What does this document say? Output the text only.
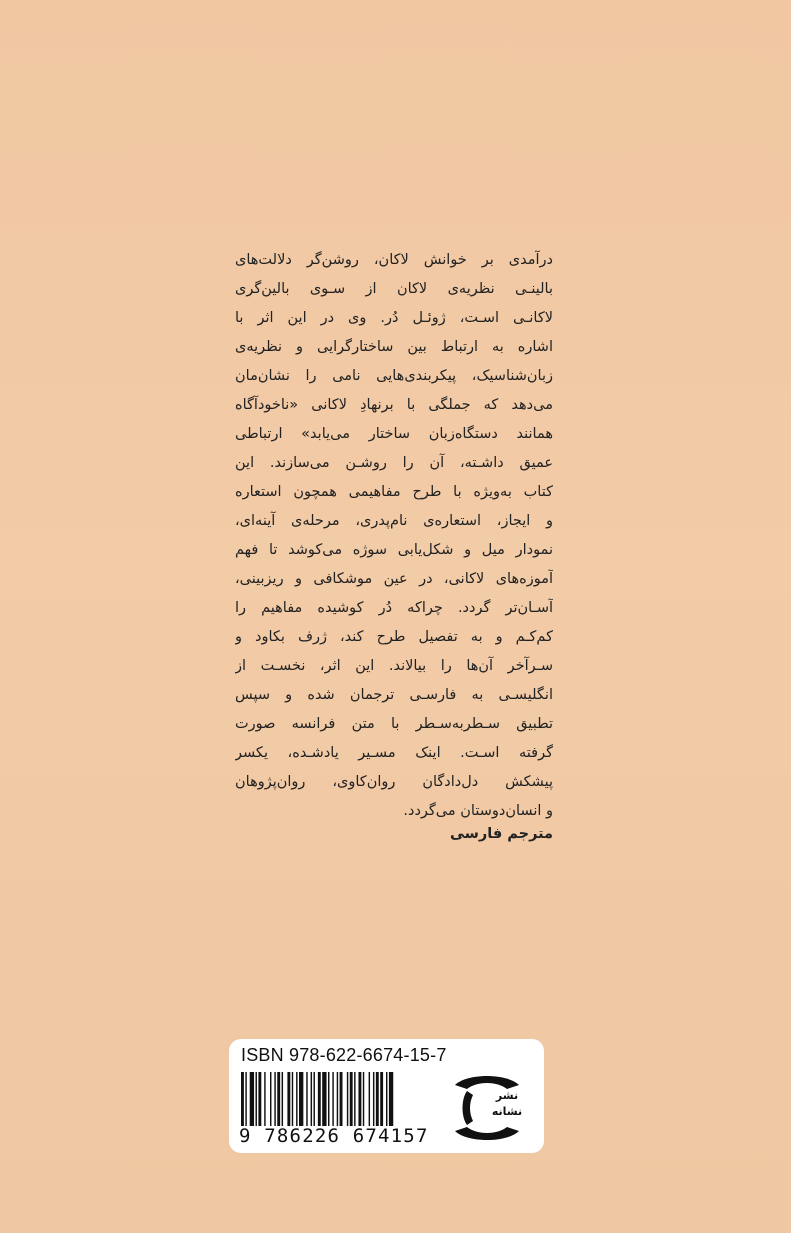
درآمدی بر خوانش لاکان، روشن‌گر دلالت‌های
بالینـی نظریه‌ی لاکان از سـوی بالین‌گری
لاکانـی اسـت، ژوئـل دُر. وی در این اثر با
اشاره به ارتباط بین ساختارگرایی و نظریه‌ی
زبان‌شناسیک، پیکربندی‌هایی نامی را نشان‌مان
می‌دهد که جملگی با برنهادِ لاکانی «ناخودآگاه
همانند دستگاه‌زبان ساختار می‌یابد» ارتباطی
عمیق داشـته، آن را روشـن می‌سازند. این
کتاب به‌ویژه با طرح مفاهیمی همچون استعاره
و ایجاز، استعاره‌ی نام‌پدری، مرحله‌ی آینه‌ای،
نمودار میل و شکل‌یابی سوژه می‌کوشد تا فهم
آموزه‌های لاکانی، در عین موشکافی و ریزبینی،
آسـان‌تر گردد. چراکه دُر کوشیده مفاهیم را
کم‌کـم و به تفصیل طرح کند، ژرف بکاود و
سـرآخر آن‌ها را بیالاند. این اثر، نخسـت از
انگلیسـی به فارسـی ترجمان شده و سپس
تطبیق سـطربه‌سـطر با متن فرانسه صورت
گرفته اسـت. اینک مسـیر یادشـده، یکسر
پیشکش دل‌دادگان روان‌کاوی، روان‌پژوهان
و انسان‌دوستان می‌گردد.
مترجم فارسی
ISBN 978-622-6674-15-7
9 786226 674157
نشر
نشانه
